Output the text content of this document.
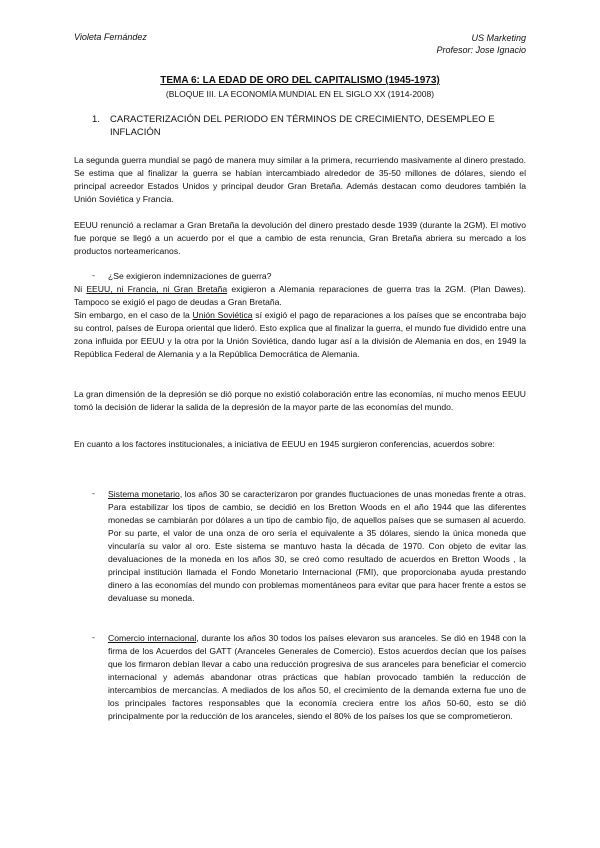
Violeta Fernández	US Marketing
Profesor: Jose Ignacio
TEMA 6: LA EDAD DE ORO DEL CAPITALISMO (1945-1973)
(BLOQUE III. LA ECONOMÍA MUNDIAL EN EL SIGLO XX (1914-2008)
1. CARACTERIZACIÓN DEL PERIODO EN TÉRMINOS DE CRECIMIENTO, DESEMPLEO E INFLACIÓN

La segunda guerra mundial se pagó de manera muy similar a la primera, recurriendo masivamente al dinero prestado. Se estima que al finalizar la guerra se habían intercambiado alrededor de 35-50 millones de dólares, siendo el principal acreedor Estados Unidos y principal deudor Gran Bretaña. Además destacan como deudores también la Unión Soviética y Francia.

EEUU renunció a reclamar a Gran Bretaña la devolución del dinero prestado desde 1939 (durante la 2GM). El motivo fue porque se llegó a un acuerdo por el que a cambio de esta renuncia, Gran Bretaña abriera su mercado a los productos norteamericanos.

- ¿Se exigieron indemnizaciones de guerra?

Ni EEUU, ni Francia, ni Gran Bretaña exigieron a Alemania reparaciones de guerra tras la 2GM. (Plan Dawes). Tampoco se exigió el pago de deudas a Gran Bretaña.

Sin embargo, en el caso de la Unión Soviética sí exigió el pago de reparaciones a los países que se encontraba bajo su control, países de Europa oriental que lideró. Esto explica que al finalizar la guerra, el mundo fue dividido entre una zona influida por EEUU y la otra por la Unión Soviética, dando lugar así a la división de Alemania en dos, en 1949 la República Federal de Alemania y a la República Democrática de Alemania.

La gran dimensión de la depresión se dió porque no existió colaboración entre las economías, ni mucho menos EEUU tomó la decisión de liderar la salida de la depresión de la mayor parte de las economías del mundo.

En cuanto a los factores institucionales, a iniciativa de EEUU en 1945 surgieron conferencias, acuerdos sobre:

- Sistema monetario, los años 30 se caracterizaron por grandes fluctuaciones de unas monedas frente a otras. Para estabilizar los tipos de cambio, se decidió en los Bretton Woods en el año 1944 que las diferentes monedas se cambiarán por dólares a un tipo de cambio fijo, de aquellos países que se sumasen al acuerdo. Por su parte, el valor de una onza de oro sería el equivalente a 35 dólares, siendo la única moneda que vincularía su valor al oro. Este sistema se mantuvo hasta la década de 1970. Con objeto de evitar las devaluaciones de la moneda en los años 30, se creó como resultado de acuerdos en Bretton Woods , la principal institución llamada el Fondo Monetario Internacional (FMI), que proporcionaba ayuda prestando dinero a las economías del mundo con problemas momentáneos para evitar que para hacer frente a estos se devaluase su moneda.

- Comercio internacional, durante los años 30 todos los países elevaron sus aranceles. Se dió en 1948 con la firma de los Acuerdos del GATT (Aranceles Generales de Comercio). Estos acuerdos decían que los países que los firmaron debían llevar a cabo una reducción progresiva de sus aranceles para beneficiar el comercio internacional y además abandonar otras prácticas que habían provocado también la reducción de intercambios de mercancías. A mediados de los años 50, el crecimiento de la demanda externa fue uno de los principales factores responsables que la economía creciera entre los años 50-60, esto se dió principalmente por la reducción de los aranceles, siendo el 80% de los países los que se comprometieron.
